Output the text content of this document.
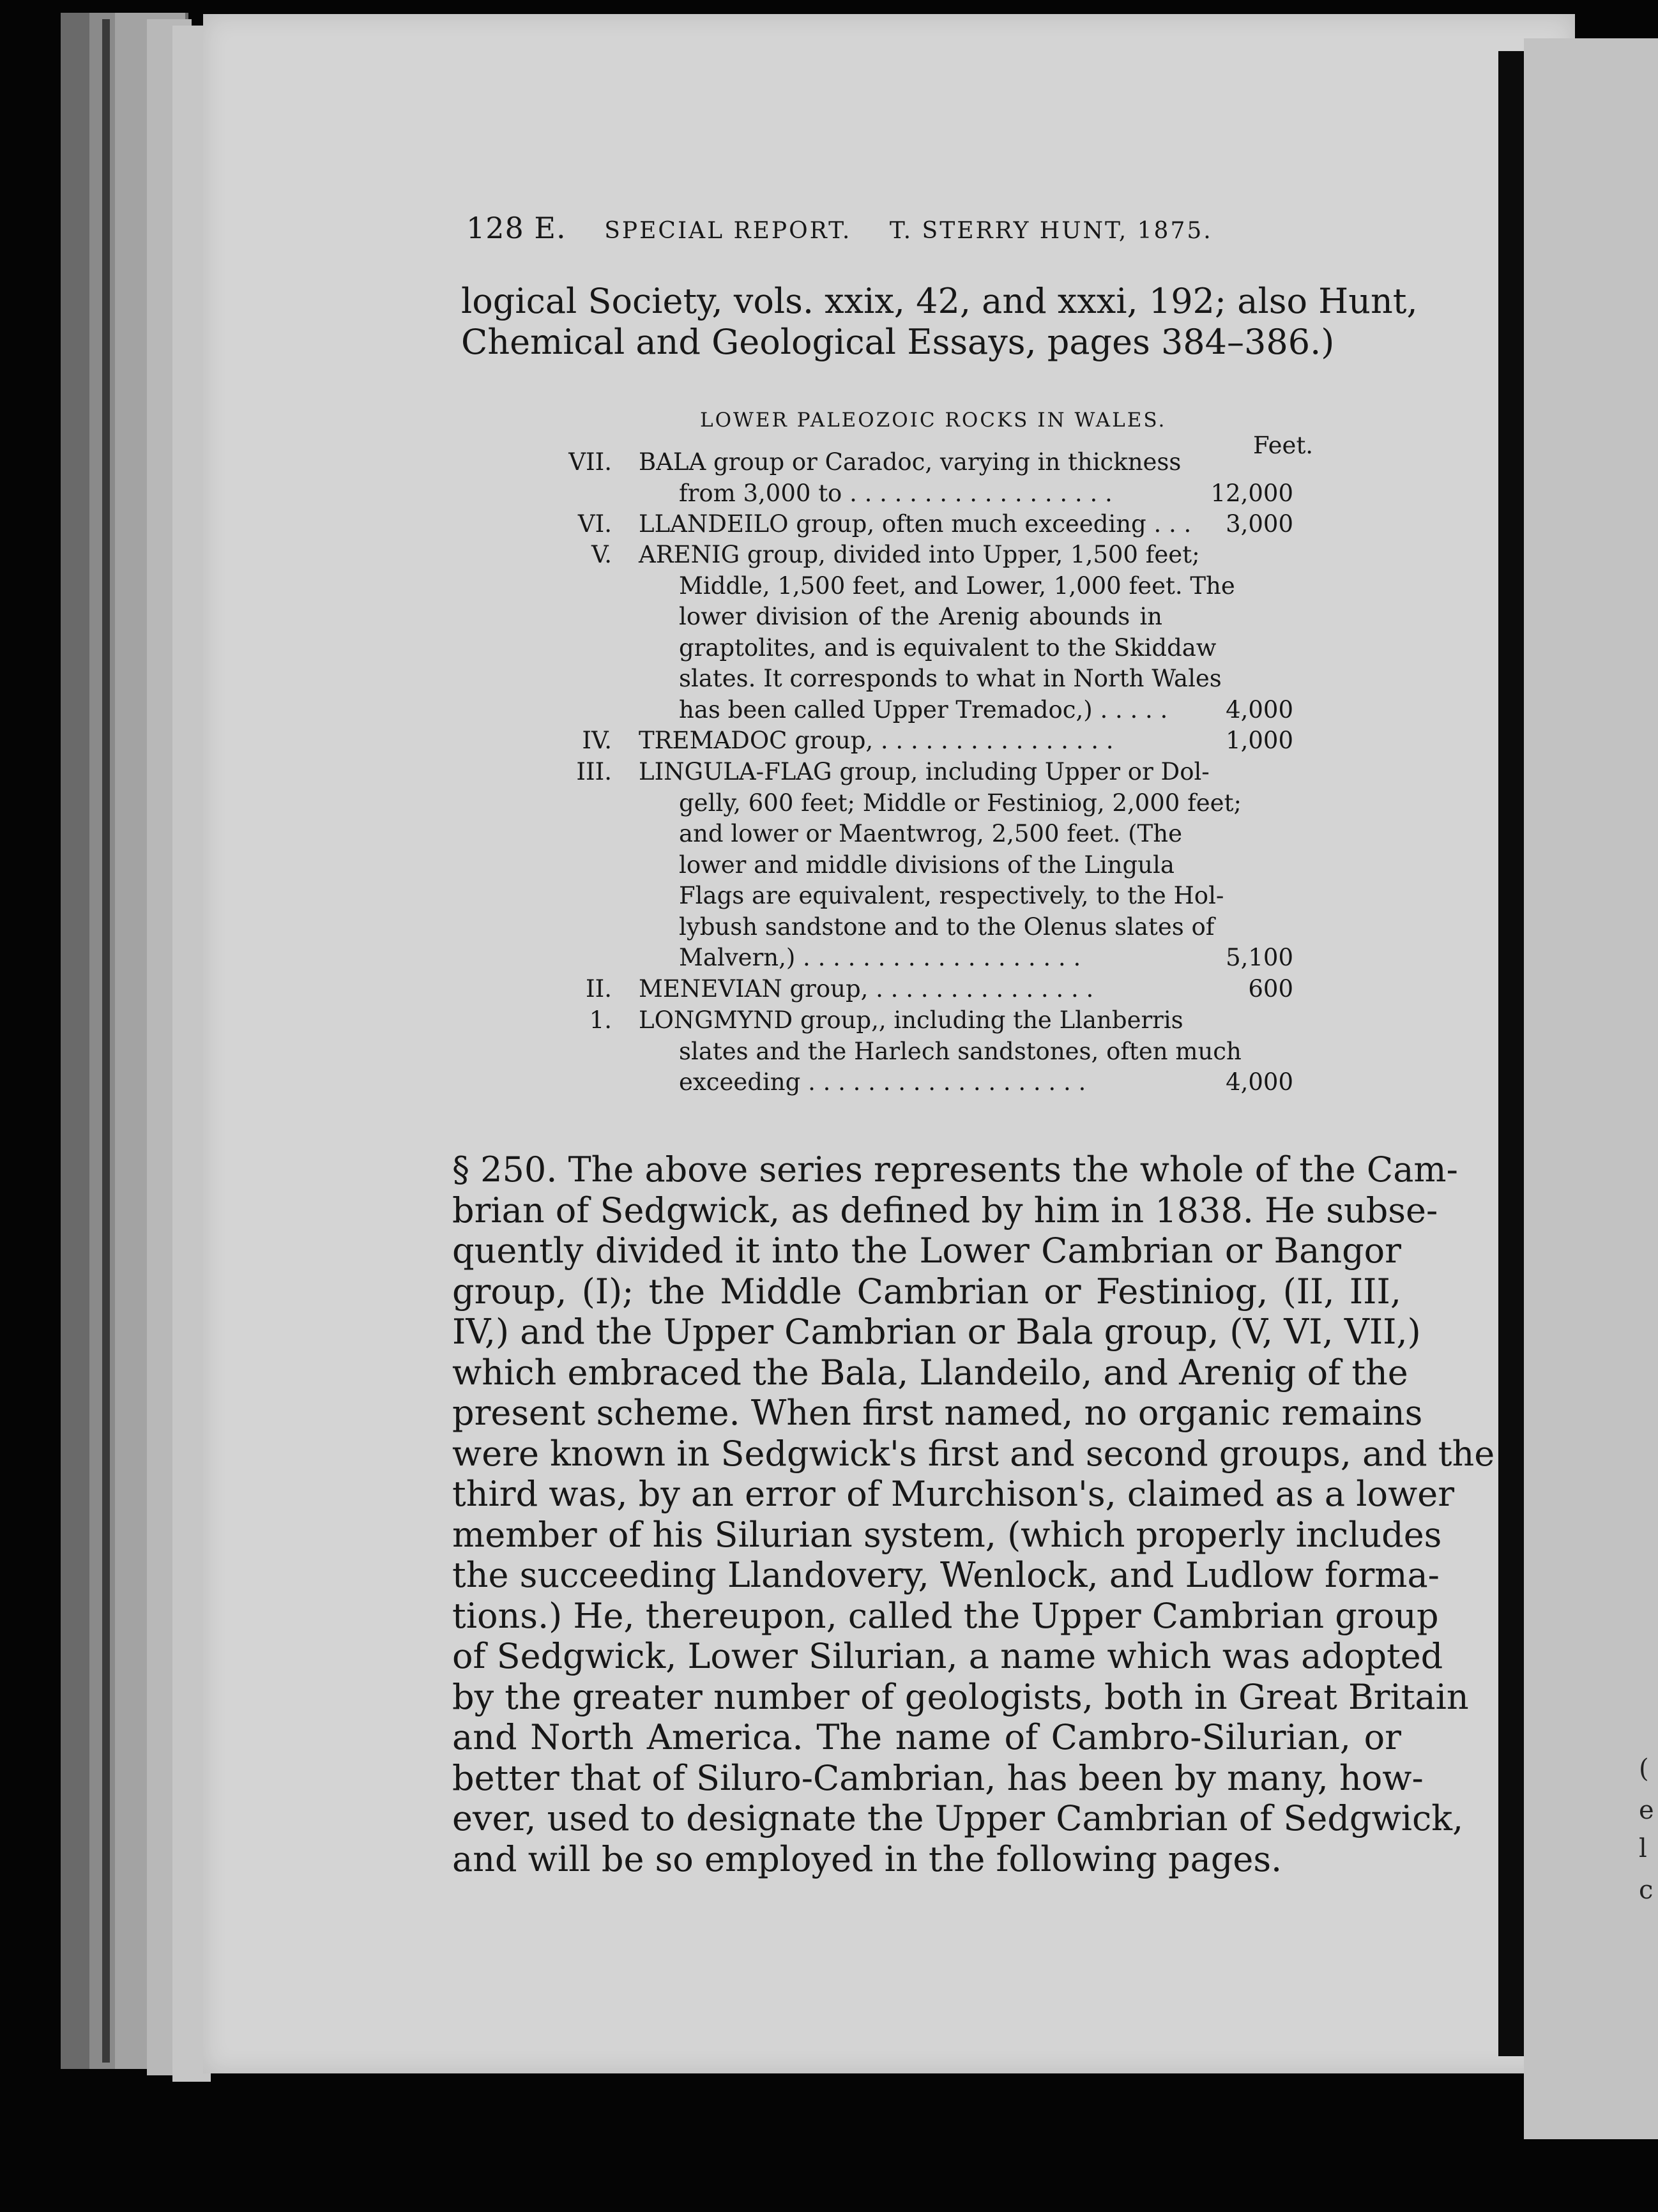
(
e
l
c
128 E. SPECIAL REPORT. T. STERRY HUNT, 1875.
logical Society, vols. xxix, 42, and xxxi, 192; also Hunt,
Chemical and Geological Essays, pages 384–386.)
LOWER PALEOZOIC ROCKS IN WALES.
Feet.
VII. BALA group or Caradoc, varying in thickness
from 3,000 to . . . . . . . . . . . . . . . . . .	12,000
VI. LLANDEILO group, often much exceeding . . .	3,000
V. ARENIG group, divided into Upper, 1,500 feet;
Middle, 1,500 feet, and Lower, 1,000 feet. The
lower division of the Arenig abounds in
graptolites, and is equivalent to the Skiddaw
slates. It corresponds to what in North Wales
has been called Upper Tremadoc,) . . . . .	4,000
IV. TREMADOC group, . . . . . . . . . . . . . . . .	1,000
III. LINGULA-FLAG group, including Upper or Dol-
gelly, 600 feet; Middle or Festiniog, 2,000 feet;
and lower or Maentwrog, 2,500 feet. (The
lower and middle divisions of the Lingula
Flags are equivalent, respectively, to the Hol-
lybush sandstone and to the Olenus slates of
Malvern,) . . . . . . . . . . . . . . . . . . .	5,100
II. MENEVIAN group, . . . . . . . . . . . . . . .	600
1. LONGMYND group,, including the Llanberris
slates and the Harlech sandstones, often much
exceeding . . . . . . . . . . . . . . . . . . .	4,000
§ 250. The above series represents the whole of the Cam-
brian of Sedgwick, as defined by him in 1838. He subse-
quently divided it into the Lower Cambrian or Bangor
group, (I); the Middle Cambrian or Festiniog, (II, III,
IV,) and the Upper Cambrian or Bala group, (V, VI, VII,)
which embraced the Bala, Llandeilo, and Arenig of the
present scheme. When first named, no organic remains
were known in Sedgwick's first and second groups, and the
third was, by an error of Murchison's, claimed as a lower
member of his Silurian system, (which properly includes
the succeeding Llandovery, Wenlock, and Ludlow forma-
tions.) He, thereupon, called the Upper Cambrian group
of Sedgwick, Lower Silurian, a name which was adopted
by the greater number of geologists, both in Great Britain
and North America. The name of Cambro-Silurian, or
better that of Siluro-Cambrian, has been by many, how-
ever, used to designate the Upper Cambrian of Sedgwick,
and will be so employed in the following pages.
